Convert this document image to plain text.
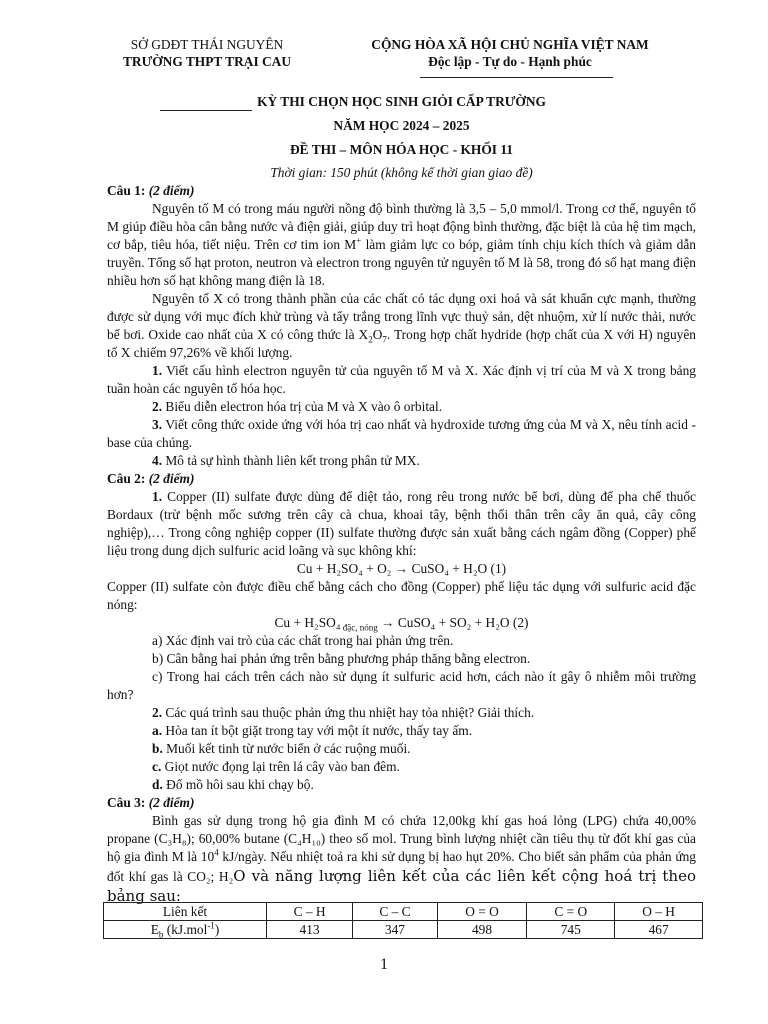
SỞ GDĐT THÁI NGUYÊN
TRƯỜNG THPT TRẠI CAU
CỘNG HÒA XÃ HỘI CHỦ NGHĨA VIỆT NAM
Độc lập - Tự do - Hạnh phúc
KỲ THI CHỌN HỌC SINH GIỎI CẤP TRƯỜNG
NĂM HỌC 2024 – 2025
ĐỀ THI – MÔN HÓA HỌC - KHỐI 11
Thời gian: 150 phút (không kể thời gian giao đề)

Câu 1: (2 điểm)

Nguyên tố M có trong máu người nồng độ bình thường là 3,5 – 5,0 mmol/l. Trong cơ thể, nguyên tố M giúp điều hòa cân bằng nước và điện giải, giúp duy trì hoạt động bình thường, đặc biệt là của hệ tim mạch, cơ bắp, tiêu hóa, tiết niệu. Trên cơ tim ion M+ làm giảm lực co bóp, giảm tính chịu kích thích và giảm dẫn truyền. Tổng số hạt proton, neutron và electron trong nguyên tử nguyên tố M là 58, trong đó số hạt mang điện nhiều hơn số hạt không mang điện là 18.

Nguyên tố X có trong thành phần của các chất có tác dụng oxi hoá và sát khuẩn cực mạnh, thường được sử dụng với mục đích khử trùng và tẩy trắng trong lĩnh vực thuỷ sản, dệt nhuộm, xử lí nước thải, nước bể bơi. Oxide cao nhất của X có công thức là $X_2O_7$. Trong hợp chất hydride (hợp chất của X với H) nguyên tố X chiếm 97,26% về khối lượng.

1. Viết cấu hình electron nguyên tử của nguyên tố M và X. Xác định vị trí của M và X trong bảng tuần hoàn các nguyên tố hóa học.

2. Biểu diễn electron hóa trị của M và X vào ô orbital.

3. Viết công thức oxide ứng với hóa trị cao nhất và hydroxide tương ứng của M và X, nêu tính acid - base của chúng.

4. Mô tả sự hình thành liên kết trong phân tử MX.

Câu 2: (2 điểm)

1. Copper (II) sulfate được dùng để diệt tảo, rong rêu trong nước bể bơi, dùng để pha chế thuốc Bordaux (trừ bệnh mốc sương trên cây cà chua, khoai tây, bệnh thối thân trên cây ăn quả, cây công nghiệp),… Trong công nghiệp copper (II) sulfate thường được sản xuất bằng cách ngâm đồng (Copper) phế liệu trong dung dịch sulfuric acid loãng và sục không khí:

Cu + H₂SO₄ + O₂ → CuSO₄ + H₂O (1)

Copper (II) sulfate còn được điều chế bằng cách cho đồng (Copper) phế liệu tác dụng với sulfuric acid đặc nóng:

Cu + H₂SO₄ $_{đặc, nóng}$ → CuSO₄ + SO₂ + H₂O (2)

a) Xác định vai trò của các chất trong hai phản ứng trên.

b) Cân bằng hai phản ứng trên bằng phương pháp thăng bằng electron.

c) Trong hai cách trên cách nào sử dụng ít sulfuric acid hơn, cách nào ít gây ô nhiễm môi trường hơn?

2. Các quá trình sau thuộc phản ứng thu nhiệt hay tỏa nhiệt? Giải thích.

a. Hòa tan ít bột giặt trong tay với một ít nước, thấy tay ấm.

b. Muối kết tinh từ nước biển ở các ruộng muối.

c. Giọt nước đọng lại trên lá cây vào ban đêm.

d. Đổ mồ hôi sau khi chạy bộ.

Câu 3: (2 điểm)

Bình gas sử dụng trong hộ gia đình M có chứa 12,00kg khí gas hoá lỏng (LPG) chứa 40,00% propane (C₃H₈); 60,00% butane (C₄H₁₀) theo số mol. Trung bình lượng nhiệt cần tiêu thụ từ đốt khí gas của hộ gia đình M là $10^4$ kJ/ngày. Nếu nhiệt toả ra khi sử dụng bị hao hụt 20%. Cho biết sản phẩm của phản ứng đốt khí gas là CO₂; H₂O và năng lượng liên kết của các liên kết cộng hoá trị theo bảng sau:

Liên kết	C – H	C – C	O = O	C = O	O – H
$E_b$ (kJ.mol$^{-1}$)	413	347	498	745	467
1
